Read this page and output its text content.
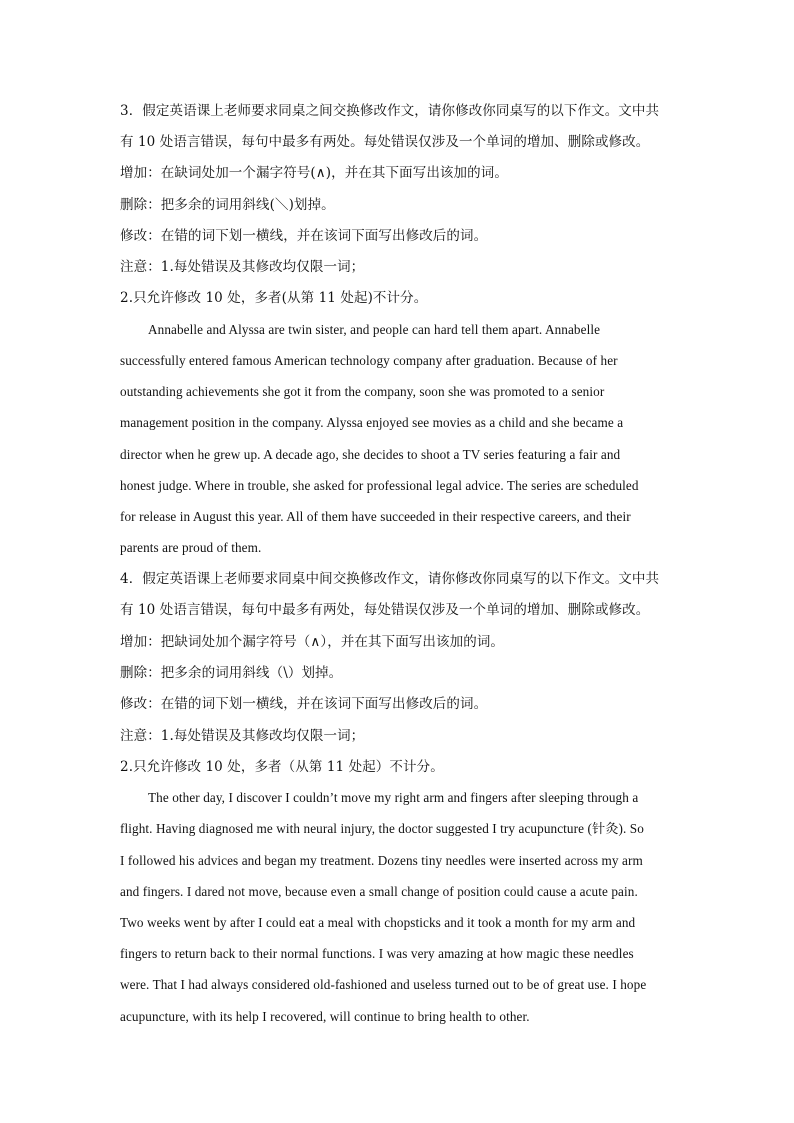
3．假定英语课上老师要求同桌之间交换修改作文，请你修改你同桌写的以下作文。文中共
有 10 处语言错误，每句中最多有两处。每处错误仅涉及一个单词的增加、删除或修改。
增加：在缺词处加一个漏字符号(∧)，并在其下面写出该加的词。
删除：把多余的词用斜线(＼)划掉。
修改：在错的词下划一横线，并在该词下面写出修改后的词。
注意：1.每处错误及其修改均仅限一词；
2.只允许修改 10 处，多者(从第 11 处起)不计分。
Annabelle and Alyssa are twin sister, and people can hard tell them apart. Annabelle
successfully entered famous American technology company after graduation. Because of her
outstanding achievements she got it from the company, soon she was promoted to a senior
management position in the company. Alyssa enjoyed see movies as a child and she became a
director when he grew up. A decade ago, she decides to shoot a TV series featuring a fair and
honest judge. Where in trouble, she asked for professional legal advice. The series are scheduled
for release in August this year. All of them have succeeded in their respective careers, and their
parents are proud of them.
4．假定英语课上老师要求同桌中间交换修改作文，请你修改你同桌写的以下作文。文中共
有 10 处语言错误，每句中最多有两处，每处错误仅涉及一个单词的增加、删除或修改。
增加：把缺词处加个漏字符号（∧），并在其下面写出该加的词。
删除：把多余的词用斜线（\）划掉。
修改：在错的词下划一横线，并在该词下面写出修改后的词。
注意：1.每处错误及其修改均仅限一词；
2.只允许修改 10 处，多者（从第 11 处起）不计分。
The other day, I discover I couldn’t move my right arm and fingers after sleeping through a
flight. Having diagnosed me with neural injury, the doctor suggested I try acupuncture (针灸). So
I followed his advices and began my treatment. Dozens tiny needles were inserted across my arm
and fingers. I dared not move, because even a small change of position could cause a acute pain.
Two weeks went by after I could eat a meal with chopsticks and it took a month for my arm and
fingers to return back to their normal functions. I was very amazing at how magic these needles
were. That I had always considered old-fashioned and useless turned out to be of great use. I hope
acupuncture, with its help I recovered, will continue to bring health to other.
